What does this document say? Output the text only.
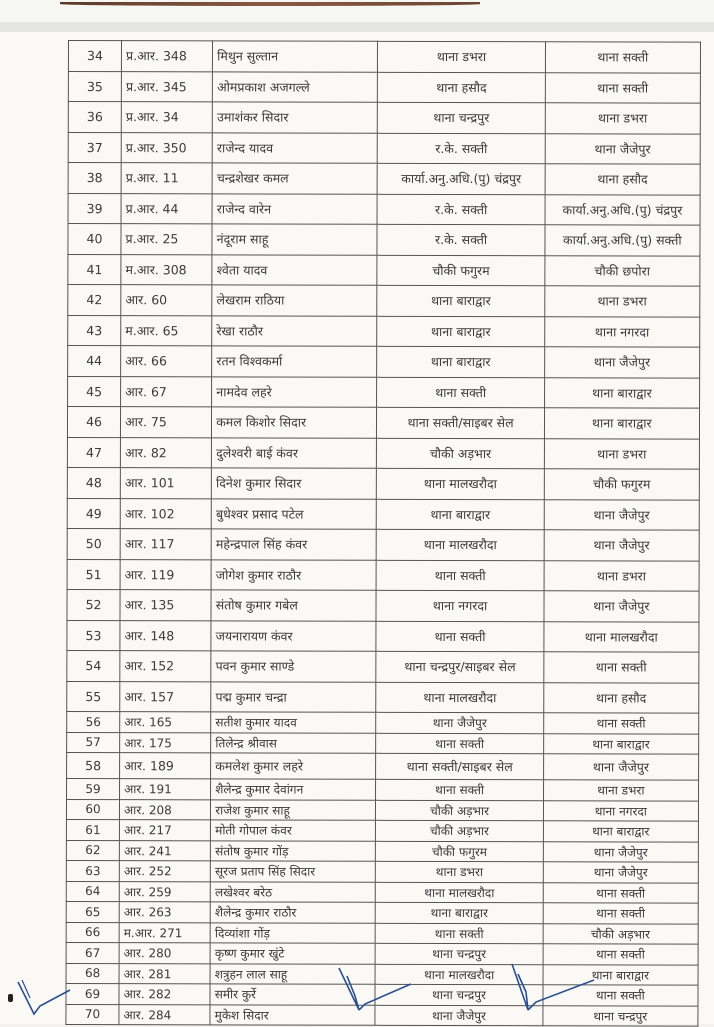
34	प्र.आर. 348	मिथुन सुल्तान	थाना डभरा	थाना सक्ती
35	प्र.आर. 345	ओमप्रकाश अजगल्ले	थाना हसौद	थाना सक्ती
36	प्र.आर. 34	उमाशंकर सिदार	थाना चन्द्रपुर	थाना डभरा
37	प्र.आर. 350	राजेन्द यादव	र.के. सक्ती	थाना जैजेपुर
38	प्र.आर. 11	चन्द्रशेखर कमल	कार्या.अनु.अधि.(पु) चंद्रपुर	थाना हसौद
39	प्र.आर. 44	राजेन्द वारेन	र.के. सक्ती	कार्या.अनु.अधि.(पु) चंद्रपुर
40	प्र.आर. 25	नंदूराम साहू	र.के. सक्ती	कार्या.अनु.अधि.(पु) सक्ती
41	म.आर. 308	श्वेता यादव	चौकी फगुरम	चौकी छपोरा
42	आर. 60	लेखराम राठिया	थाना बाराद्वार	थाना डभरा
43	म.आर. 65	रेखा राठौर	थाना बाराद्वार	थाना नगरदा
44	आर. 66	रतन विश्वकर्मा	थाना बाराद्वार	थाना जैजेपुर
45	आर. 67	नामदेव लहरे	थाना सक्ती	थाना बाराद्वार
46	आर. 75	कमल किशोर सिदार	थाना सक्ती/साइबर सेल	थाना बाराद्वार
47	आर. 82	दुलेश्वरी बाई कंवर	चौकी अड़भार	थाना डभरा
48	आर. 101	दिनेश कुमार सिदार	थाना मालखरौदा	चौकी फगुरम
49	आर. 102	बुधेश्वर प्रसाद पटेल	थाना बाराद्वार	थाना जैजेपुर
50	आर. 117	महेन्द्रपाल सिंह कंवर	थाना मालखरौदा	थाना जैजेपुर
51	आर. 119	जोगेश कुमार राठौर	थाना सक्ती	थाना डभरा
52	आर. 135	संतोष कुमार गबेल	थाना नगरदा	थाना जैजेपुर
53	आर. 148	जयनारायण कंवर	थाना सक्ती	थाना मालखरौदा
54	आर. 152	पवन कुमार साण्डे	थाना चन्द्रपुर/साइबर सेल	थाना सक्ती
55	आर. 157	पद्म कुमार चन्द्रा	थाना मालखरौदा	थाना हसौद
56	आर. 165	सतीश कुमार यादव	थाना जैजेपुर	थाना सक्ती
57	आर. 175	तिलेन्द्र श्रीवास	थाना सक्ती	थाना बाराद्वार
58	आर. 189	कमलेश कुमार लहरे	थाना सक्ती/साइबर सेल	थाना जैजेपुर
59	आर. 191	शैलेन्द्र कुमार देवांगन	थाना सक्ती	थाना डभरा
60	आर. 208	राजेश कुमार साहू	चौकी अड़भार	थाना नगरदा
61	आर. 217	मोती गोपाल कंवर	चौकी अड़भार	थाना बाराद्वार
62	आर. 241	संतोष कुमार गोंड़	चौकी फगुरम	थाना जैजेपुर
63	आर. 252	सूरज प्रताप सिंह सिदार	थाना डभरा	थाना जैजेपुर
64	आर. 259	लखेश्वर बरेठ	थाना मालखरौदा	थाना सक्ती
65	आर. 263	शैलेन्द्र कुमार राठौर	थाना बाराद्वार	थाना सक्ती
66	म.आर. 271	दिव्यांशा गोंड़	थाना सक्ती	चौकी अड़भार
67	आर. 280	कृष्ण कुमार खुंटे	थाना चन्द्रपुर	थाना सक्ती
68	आर. 281	शत्रुहन लाल साहू	थाना मालखरौदा	थाना बाराद्वार
69	आर. 282	समीर कुर्रे	थाना चन्द्रपुर	थाना सक्ती
70	आर. 284	मुकेश सिदार	थाना जैजेपुर	थाना चन्द्रपुर
